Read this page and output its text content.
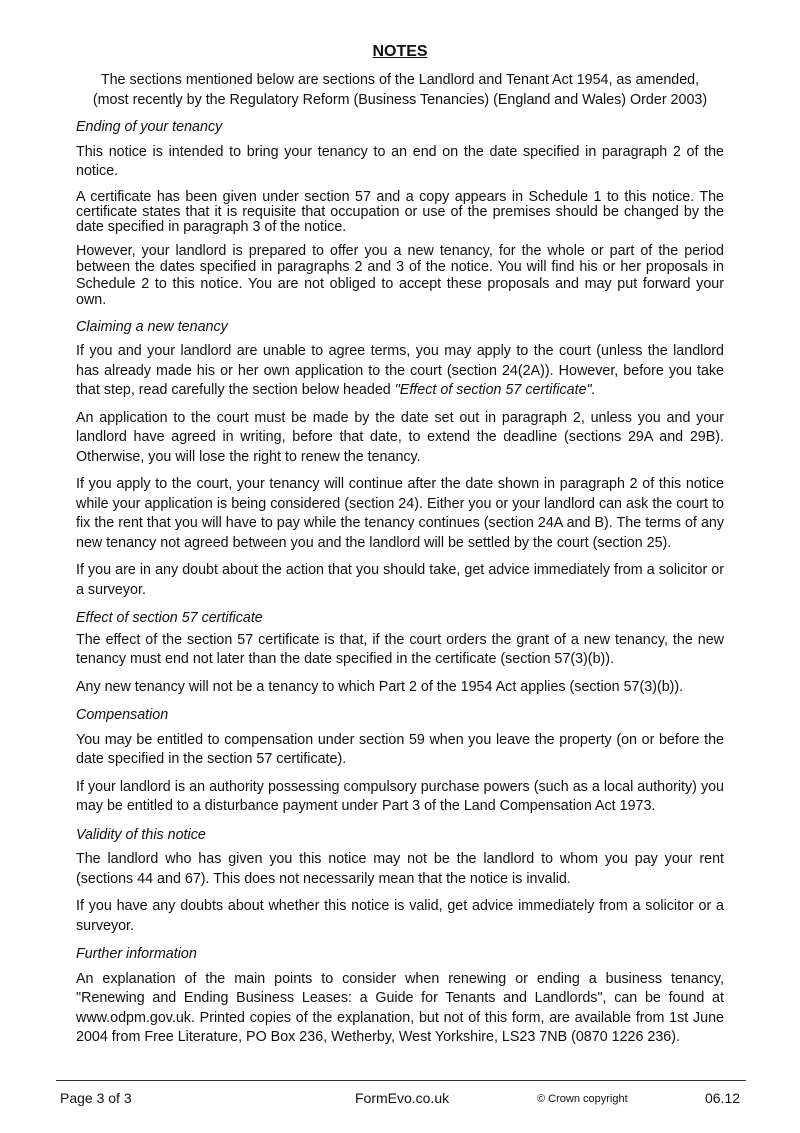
NOTES
The sections mentioned below are sections of the Landlord and Tenant Act 1954, as amended,
(most recently by the Regulatory Reform (Business Tenancies) (England and Wales) Order 2003)
Ending of your tenancy

This notice is intended to bring your tenancy to an end on the date specified in paragraph 2 of the notice.

A certificate has been given under section 57 and a copy appears in Schedule 1 to this notice. The certificate states that it is requisite that occupation or use of the premises should be changed by the date specified in paragraph 3 of the notice.

However, your landlord is prepared to offer you a new tenancy, for the whole or part of the period between the dates specified in paragraphs 2 and 3 of the notice. You will find his or her proposals in Schedule 2 to this notice. You are not obliged to accept these proposals and may put forward your own.

Claiming a new tenancy

If you and your landlord are unable to agree terms, you may apply to the court (unless the landlord has already made his or her own application to the court (section 24(2A)). However, before you take that step, read carefully the section below headed "Effect of section 57 certificate".

An application to the court must be made by the date set out in paragraph 2, unless you and your landlord have agreed in writing, before that date, to extend the deadline (sections 29A and 29B). Otherwise, you will lose the right to renew the tenancy.

If you apply to the court, your tenancy will continue after the date shown in paragraph 2 of this notice while your application is being considered (section 24). Either you or your landlord can ask the court to fix the rent that you will have to pay while the tenancy continues (section 24A and B). The terms of any new tenancy not agreed between you and the landlord will be settled by the court (section 25).

If you are in any doubt about the action that you should take, get advice immediately from a solicitor or a surveyor.

Effect of section 57 certificate

The effect of the section 57 certificate is that, if the court orders the grant of a new tenancy, the new tenancy must end not later than the date specified in the certificate (section 57(3)(b)).

Any new tenancy will not be a tenancy to which Part 2 of the 1954 Act applies (section 57(3)(b)).

Compensation

You may be entitled to compensation under section 59 when you leave the property (on or before the date specified in the section 57 certificate).

If your landlord is an authority possessing compulsory purchase powers (such as a local authority) you may be entitled to a disturbance payment under Part 3 of the Land Compensation Act 1973.

Validity of this notice

The landlord who has given you this notice may not be the landlord to whom you pay your rent (sections 44 and 67). This does not necessarily mean that the notice is invalid.

If you have any doubts about whether this notice is valid, get advice immediately from a solicitor or a surveyor.

Further information

An explanation of the main points to consider when renewing or ending a business tenancy, "Renewing and Ending Business Leases: a Guide for Tenants and Landlords", can be found at www.odpm.gov.uk. Printed copies of the explanation, but not of this form, are available from 1st June 2004 from Free Literature, PO Box 236, Wetherby, West Yorkshire, LS23 7NB (0870 1226 236).

Page 3 of 3	FormEvo.co.uk	© Crown copyright	06.12
